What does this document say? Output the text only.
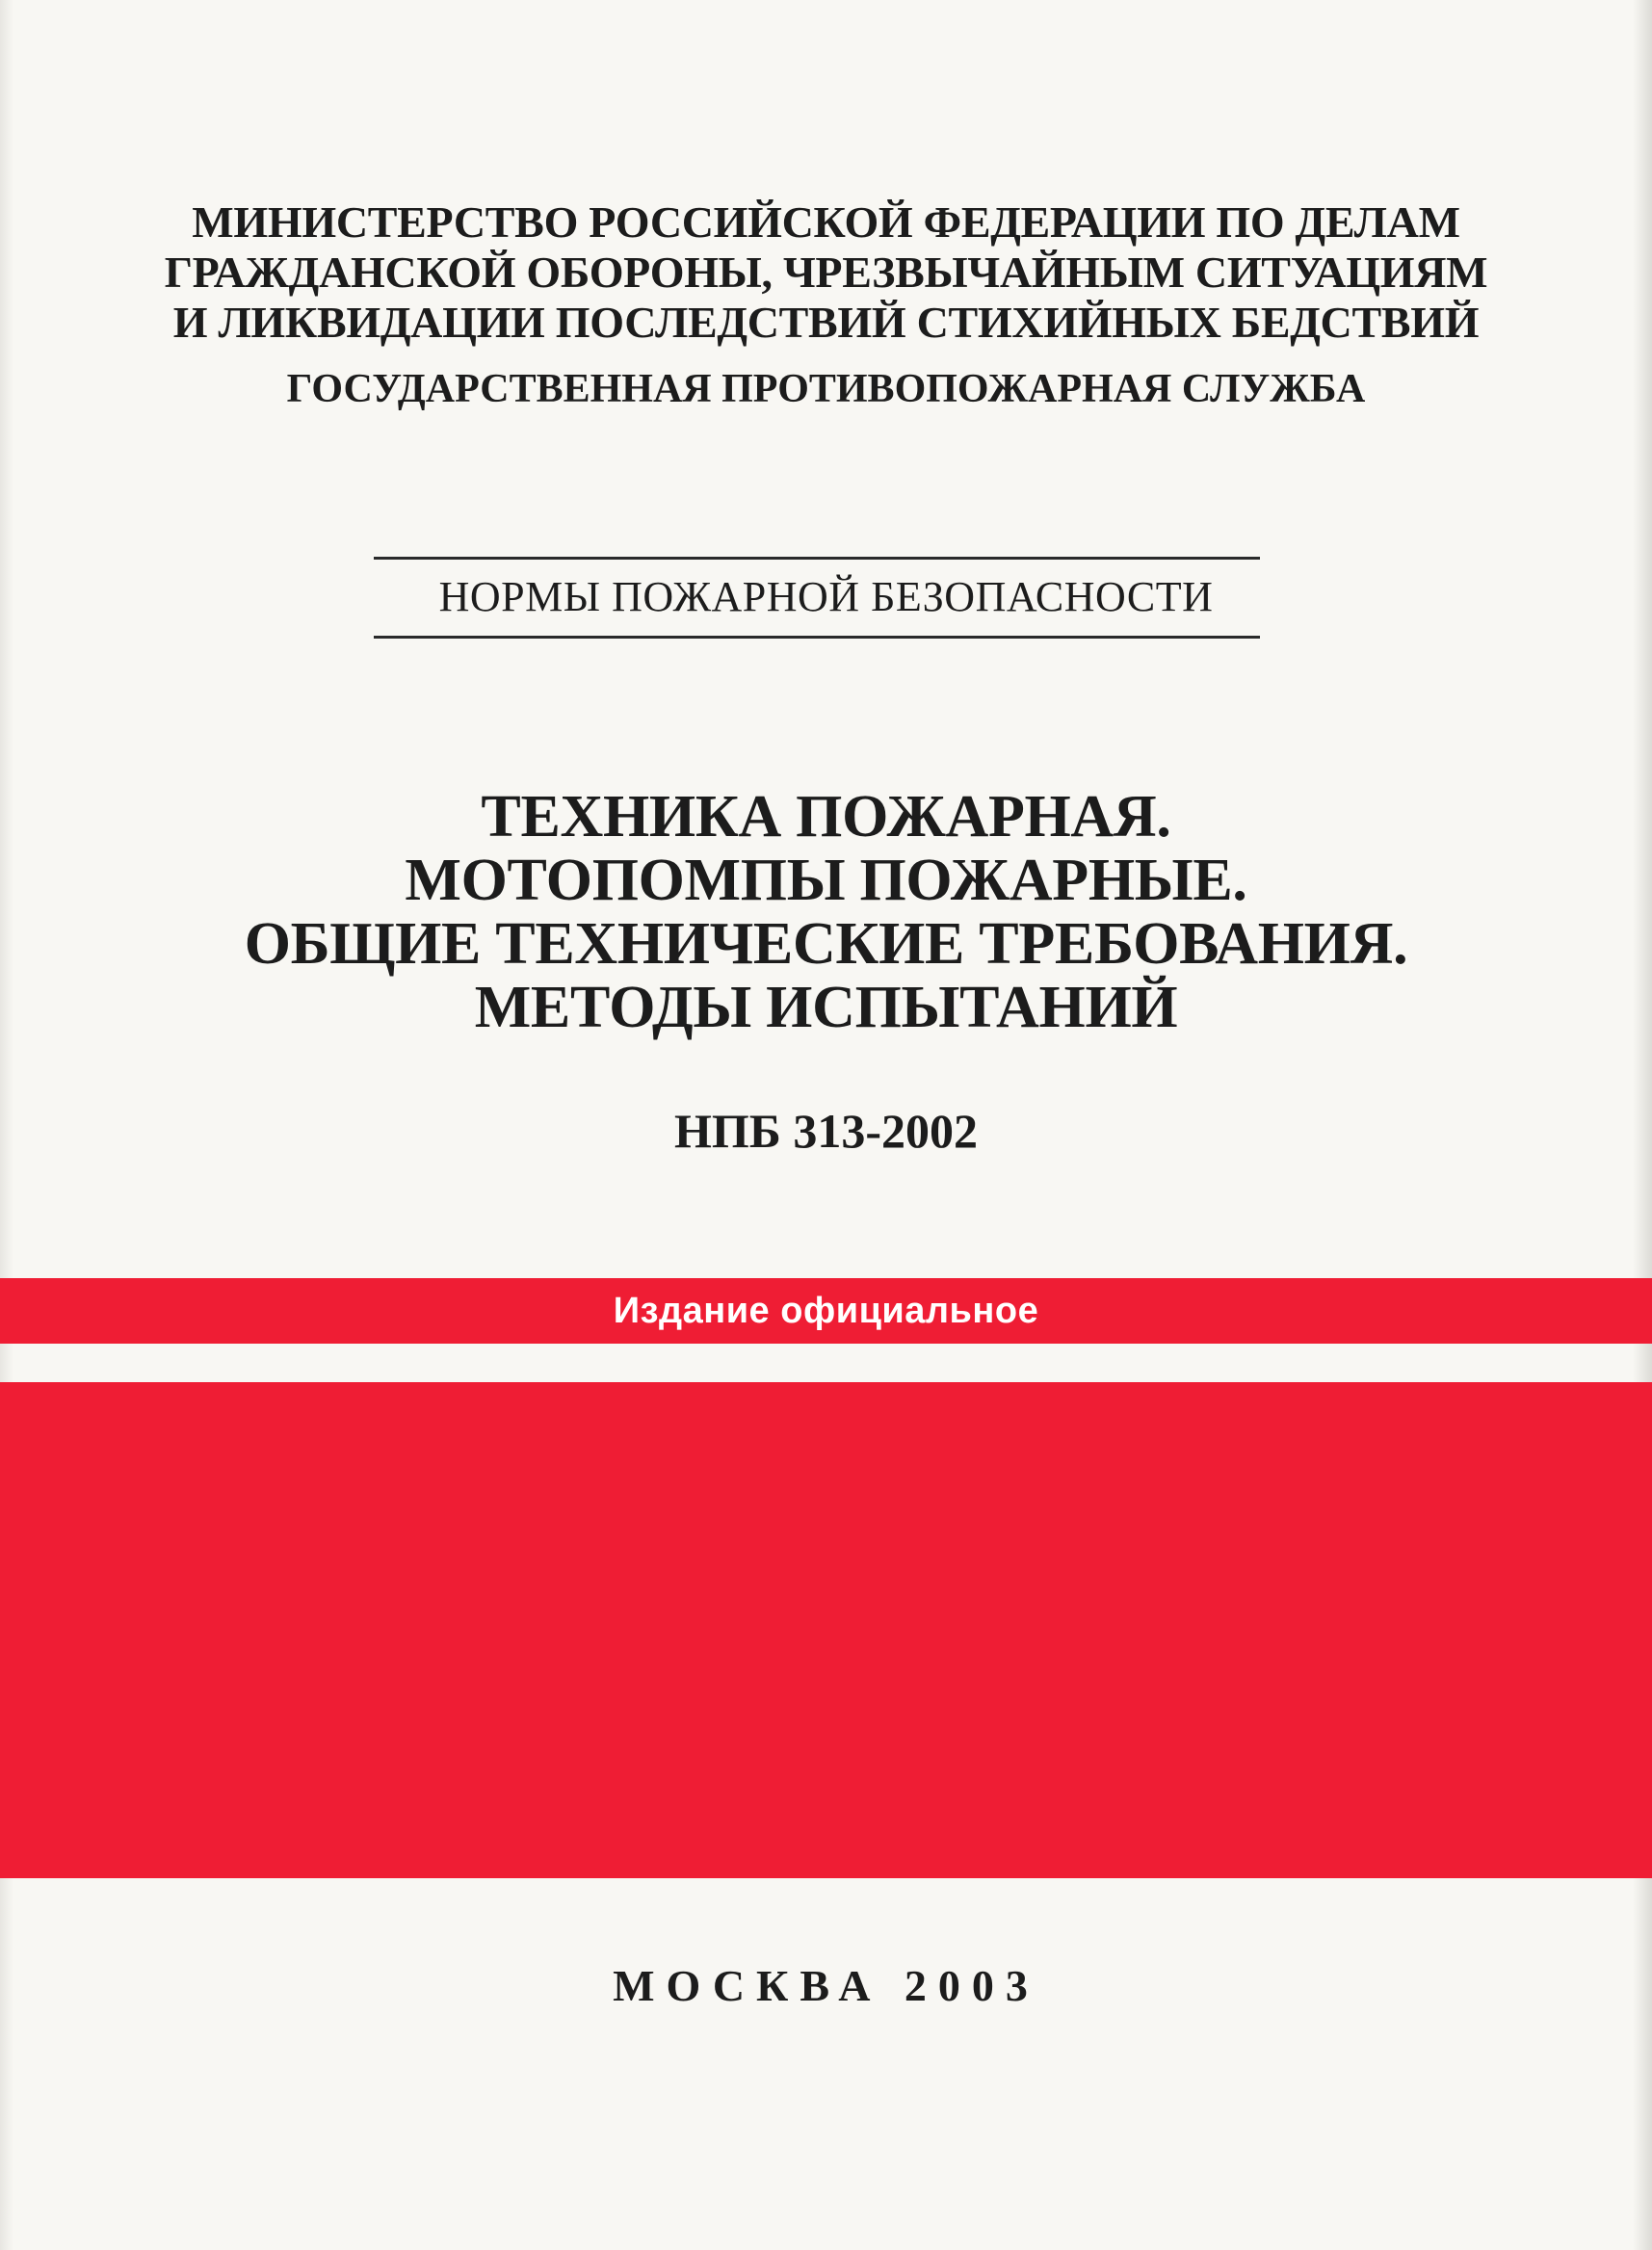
МИНИСТЕРСТВО РОССИЙСКОЙ ФЕДЕРАЦИИ ПО ДЕЛАМ
ГРАЖДАНСКОЙ ОБОРОНЫ, ЧРЕЗВЫЧАЙНЫМ СИТУАЦИЯМ
И ЛИКВИДАЦИИ ПОСЛЕДСТВИЙ СТИХИЙНЫХ БЕДСТВИЙ
ГОСУДАРСТВЕННАЯ ПРОТИВОПОЖАРНАЯ СЛУЖБА
НОРМЫ ПОЖАРНОЙ БЕЗОПАСНОСТИ
ТЕХНИКА ПОЖАРНАЯ.
МОТОПОМПЫ ПОЖАРНЫЕ.
ОБЩИЕ ТЕХНИЧЕСКИЕ ТРЕБОВАНИЯ.
МЕТОДЫ ИСПЫТАНИЙ
НПБ 313-2002
Издание официальное
МОСКВА 2003
